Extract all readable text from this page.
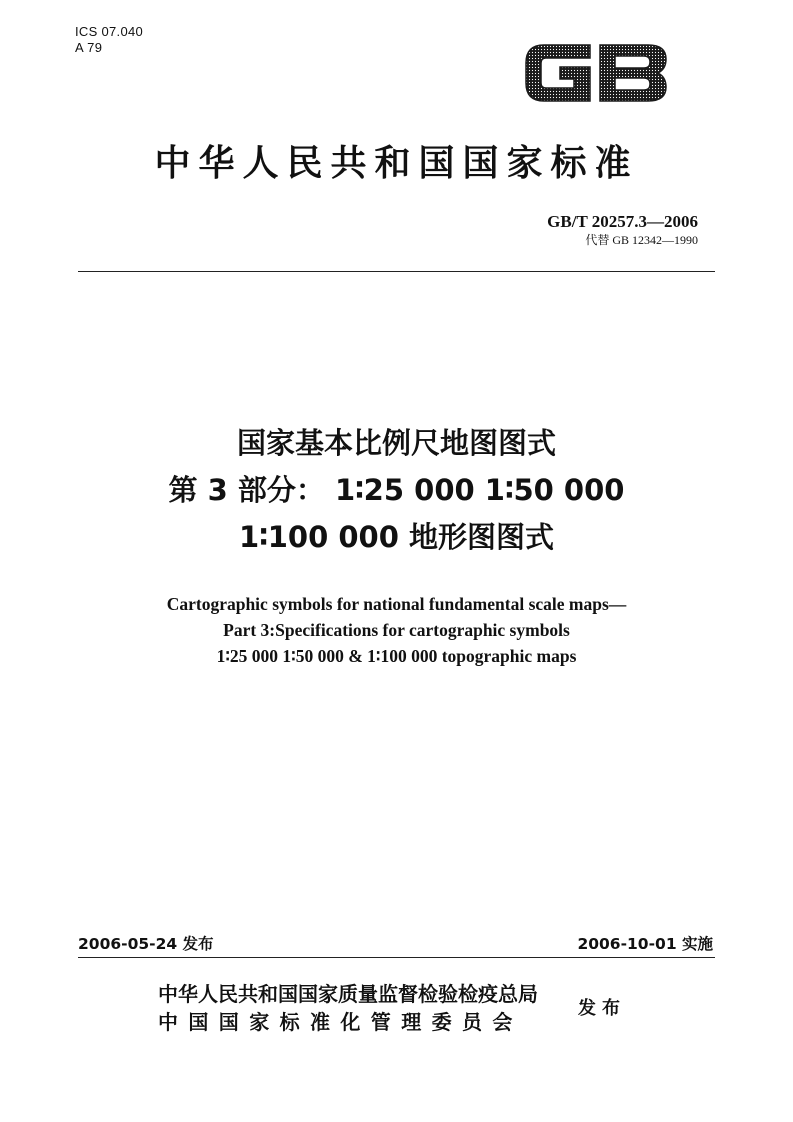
ICS 07.040
A 79
中华人民共和国国家标准
GB/T 20257.3—2006
代替 GB 12342—1990
国家基本比例尺地图图式
第 3 部分： 1∶25 000 1∶50 000
1∶100 000 地形图图式
Cartographic symbols for national fundamental scale maps—
Part 3:Specifications for cartographic symbols
1∶25 000 1∶50 000 & 1∶100 000 topographic maps
2006-05-24 发布	2006-10-01 实施
中华人民共和国国家质量监督检验检疫总局
中国国家标准化管理委员会
发布
